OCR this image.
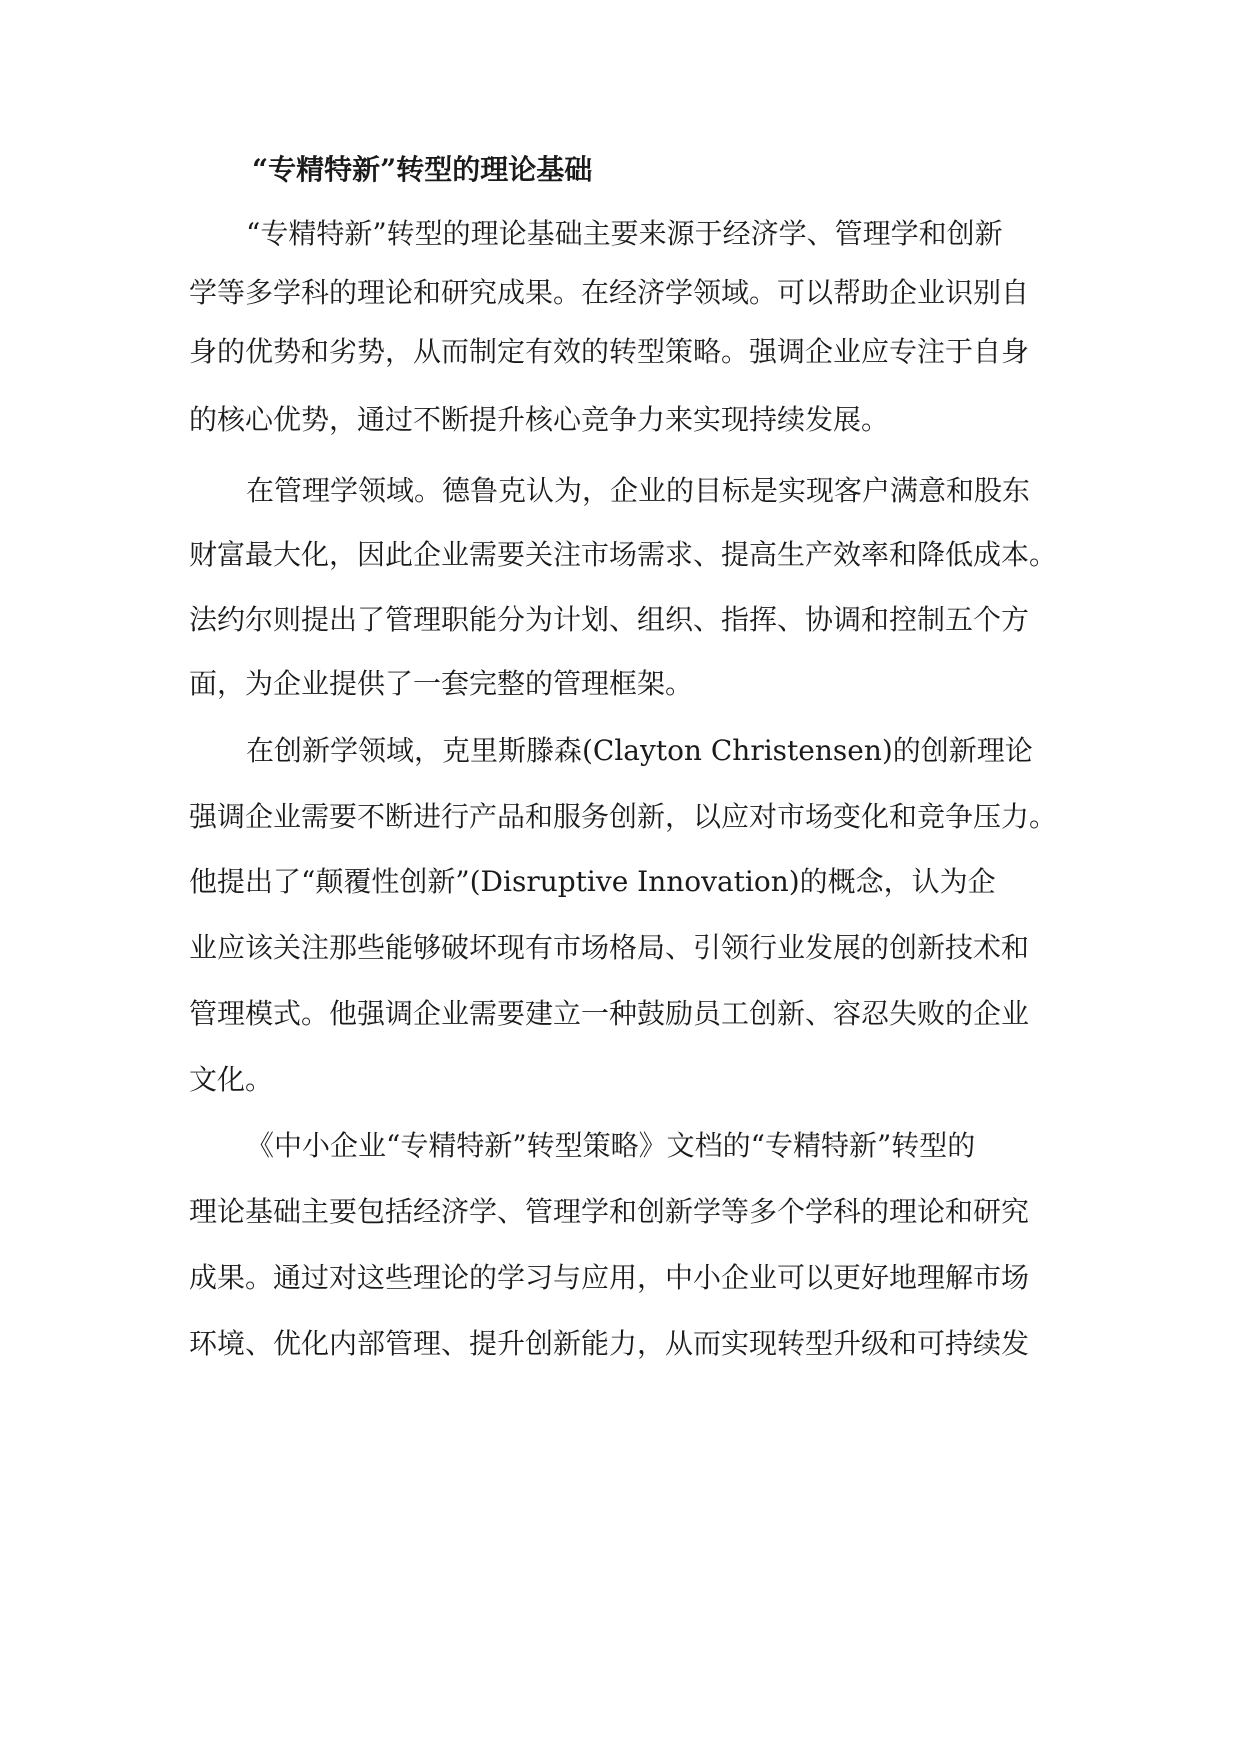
“专精特新”转型的理论基础
“专精特新”转型的理论基础主要来源于经济学、管理学和创新
学等多学科的理论和研究成果。在经济学领域。可以帮助企业识别自
身的优势和劣势，从而制定有效的转型策略。强调企业应专注于自身
的核心优势，通过不断提升核心竞争力来实现持续发展。
在管理学领域。德鲁克认为，企业的目标是实现客户满意和股东
财富最大化，因此企业需要关注市场需求、提高生产效率和降低成本。
法约尔则提出了管理职能分为计划、组织、指挥、协调和控制五个方
面，为企业提供了一套完整的管理框架。
在创新学领域，克里斯滕森(Clayton Christensen)的创新理论
强调企业需要不断进行产品和服务创新，以应对市场变化和竞争压力。
他提出了“颠覆性创新”(Disruptive Innovation)的概念，认为企
业应该关注那些能够破坏现有市场格局、引领行业发展的创新技术和
管理模式。他强调企业需要建立一种鼓励员工创新、容忍失败的企业
文化。
《中小企业“专精特新”转型策略》文档的“专精特新”转型的
理论基础主要包括经济学、管理学和创新学等多个学科的理论和研究
成果。通过对这些理论的学习与应用，中小企业可以更好地理解市场
环境、优化内部管理、提升创新能力，从而实现转型升级和可持续发
